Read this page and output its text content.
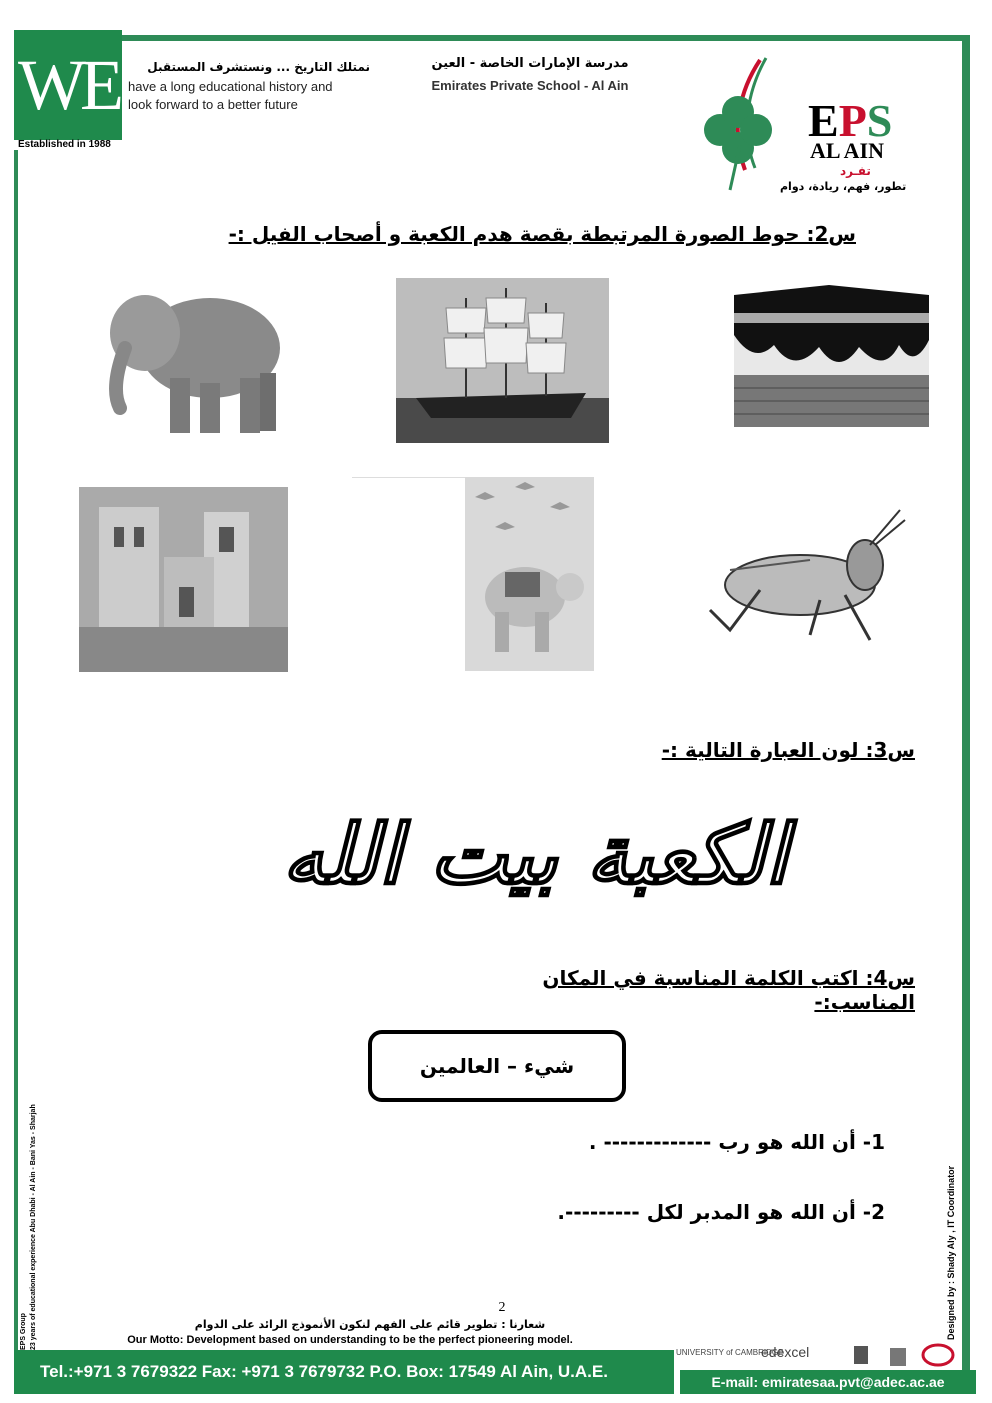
WE
Established in 1988
نمتلك التاريخ ... ونستشرف المستقبل
have a long educational history and
look forward to a better future
مدرسة الإمارات الخاصة - العين
Emirates Private School - Al Ain
EPS
AL AIN
تفـرد
تطور، فهم، ريادة، دوام
س2: حوط الصورة المرتبطة بقصة هدم الكعبة و أصحاب الفيل :-
س3: لون العبارة التالية :-
الكعبة بيت الله
س4: اكتب الكلمة المناسبة في المكان المناسب:-
شيء – العالمين
1- أن الله هو رب ------------- .
2- أن الله هو المدبر لكل ---------.
EPS Group 23 years of educational experience Abu Dhabi - Al Ain - Bani Yas - Sharjah	Designed by : Shady Aly , IT Coordinator
2
شعارنا : تطوير قائم على الفهم لنكون الأنموذج الرائد على الدوام
Our Motto: Development based on understanding to be the perfect pioneering model.
UNIVERSITY of CAMBRIDGE
edexcel
Tel.:+971 3 7679322 Fax: +971 3 7679732 P.O. Box: 17549 Al Ain, U.A.E.
E-mail: emiratesaa.pvt@adec.ac.ae
